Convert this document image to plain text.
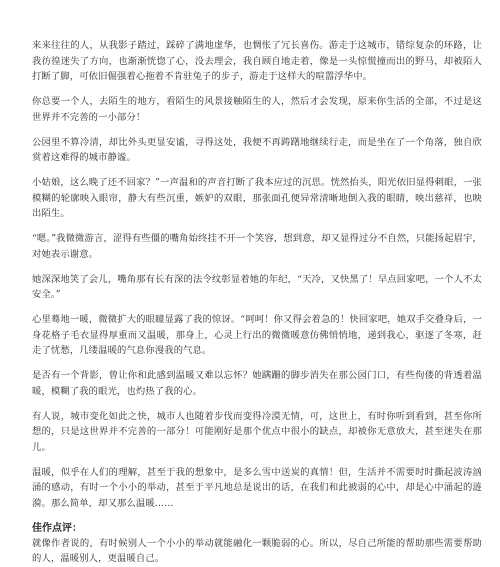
来来往往的人，从我影子踏过，踩碎了满地虚华，也惆怅了冗长喜伤。游走于这城市，错综复杂的环路，让我彷徨迷失了方向，也渐渐恍惚了心，没去理会，我自顾自地走着，像是一头惊慌撞而出的野马，却被陌人打断了脚，可依旧倔强着心拖着不肯驻兔子的步子，游走于这样大的喧嚣浮华中。

你总要一个人，去陌生的地方，看陌生的风景接触陌生的人，然后才会发现，原来你生活的全部，不过是这世界并不完善的一小部分！

公园里不算冷清，却比外头更显安谧，寻得这处，我便不再踌躇地继续行走，而是坐在了一个角落，独自欣赏着这难得的城市静谧。

小姑娘，这么晚了还不回家？”一声温和的声音打断了我本应过的沉思。恍然抬头，阳光依旧显得刺眼，一张模糊的轮廓映入眼帘，静大有些沉重，嫉妒的双眼，那张面孔便异常清晰地倒入我的眼睛，映出慈祥，也映出陌生。

“嗯。”我微微游言，涩得有些僵的嘴角始终挂不开一个笑容，想到意，却又显得过分不自然，只能扬起眉宇，对她表示谢意。

她深深地笑了会儿，嘴角那有长有深的法令纹彰显着她的年纪，“天冷，又快黑了！早点回家吧，一个人不太安全。”

心里蓦地一暖，微微扩大的眼瞳显露了我的惊讶。“呵呵！你又得会着急的！快回家吧，她双手交叠身后，一身花格子毛衣显得厚重而又温暖，那身上，心灵上行出的微微暖意仿佛悄悄地，递到我心，驱逐了冬寒，赶走了忧愁，几缕温暖的气息你漫我的气息。

是否有一个背影，曾让你和此感到温暖又难以忘怀？她蹒跚的脚步消失在那公园门口，有些佝偻的背透着温暖，模糊了我的眼光，也灼热了我的心。

有人说，城市变化如此之快，城市人也随着步伐而变得冷漠无情，可，这世上，有时你听到看到，甚至你所想的，只是这世界并不完善的一部分！可能刚好是那个优点中很小的缺点，却被你无意放大，甚至迷失在那儿。

温暖，似乎在人们的理解，甚至于我的想象中，是多么雪中送炭的真情！但，生活并不需要时时撕起波涛汹涌的感动，有时一个小小的举动，甚至于平凡地总是说出的话，在我们和此被弱的心中，却是心中涌起的涟漪。那么简单，却又那么温暖……

佳作点评：

就像作者说的，有时候别人一个小小的举动就能融化一颗脆弱的心。所以，尽自己所能的帮助那些需要帮助的人，温暖别人，更温暖自己。
